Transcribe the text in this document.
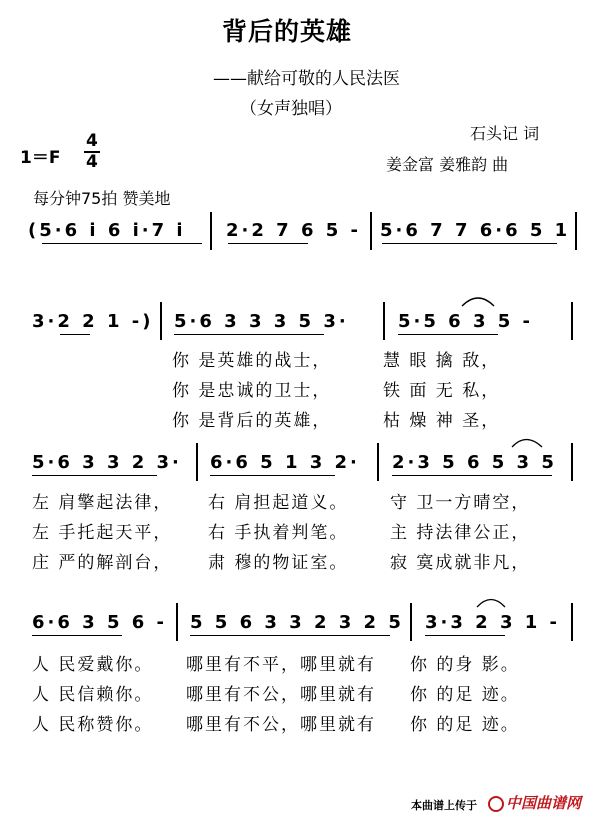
背后的英雄
——献给可敬的人民法医
（女声独唱）
石头记 词
姜金富 姜雅韵 曲
1＝F
4
4
每分钟75拍 赞美地
(5·6 i 6 i·7 i 2·2 7 6 5 - 5·6 7 7 6·6 5 1
3·2 2 1 -) 5·6 3 3 3 5 3·	5·5 6 3 5 -
你 是英雄的战士，	慧 眼 擒 敌，
你 是忠诚的卫士，	铁 面 无 私，
你 是背后的英雄，	枯 燥 神 圣，
5·6 3 3 2 3· 6·6 5 1 3 2· 2·3 5 6 5 3 5
左 肩擎起法律， 右 肩担起道义。 守 卫一方晴空，
左 手托起天平， 右 手执着判笔。 主 持法律公正，
庄 严的解剖台， 肃 穆的物证室。 寂 寞成就非凡，
6·6 3 5 6 - 5 5 6 3 3 2 3 2 5 3·3 2 3 1 -
人 民爱戴你。 哪里有不平，哪里就有 你 的身 影。
人 民信赖你。 哪里有不公，哪里就有 你 的足 迹。
人 民称赞你。 哪里有不公，哪里就有 你 的足 迹。
本曲谱上传于	中国曲谱网
